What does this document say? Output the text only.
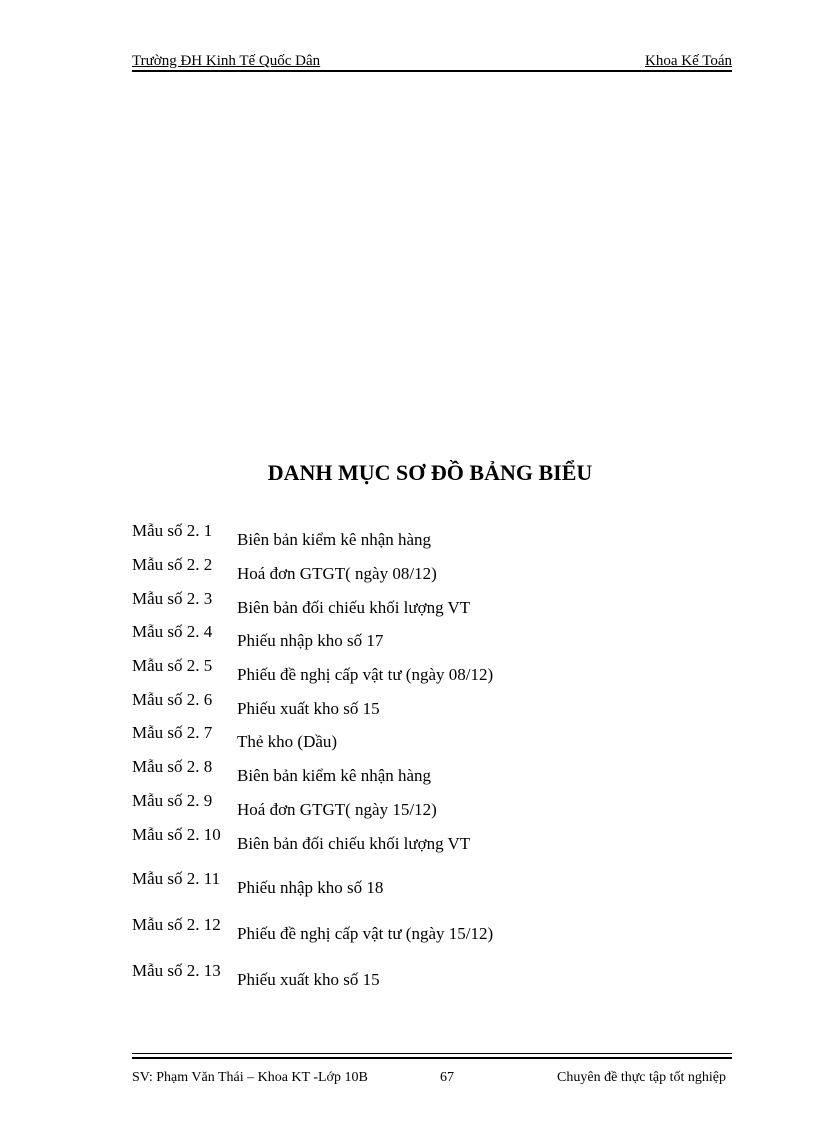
Trường ĐH Kinh Tế Quốc Dân	Khoa Kế Toán
DANH MỤC SƠ ĐỒ BẢNG BIỂU
Mẫu số 2. 1	Biên bản kiểm kê nhận hàng
Mẫu số 2. 2	Hoá đơn GTGT( ngày 08/12)
Mẫu số 2. 3	Biên bản đối chiếu khối lượng VT
Mẫu số 2. 4	Phiếu nhập kho số 17
Mẫu số 2. 5	Phiếu đề nghị cấp vật tư (ngày 08/12)
Mẫu số 2. 6	Phiếu xuất kho số 15
Mẫu số 2. 7	Thẻ kho (Dầu)
Mẫu số 2. 8	Biên bản kiểm kê nhận hàng
Mẫu số 2. 9	Hoá đơn GTGT( ngày 15/12)
Mẫu số 2. 10 Biên bản đối chiếu khối lượng VT
Mẫu số 2. 11 Phiếu nhập kho số 18
Mẫu số 2. 12 Phiếu đề nghị cấp vật tư (ngày 15/12)
Mẫu số 2. 13 Phiếu xuất kho số 15
SV: Phạm Văn Thái – Khoa KT -Lớp 10B	67	Chuyên đề thực tập tốt nghiệp
